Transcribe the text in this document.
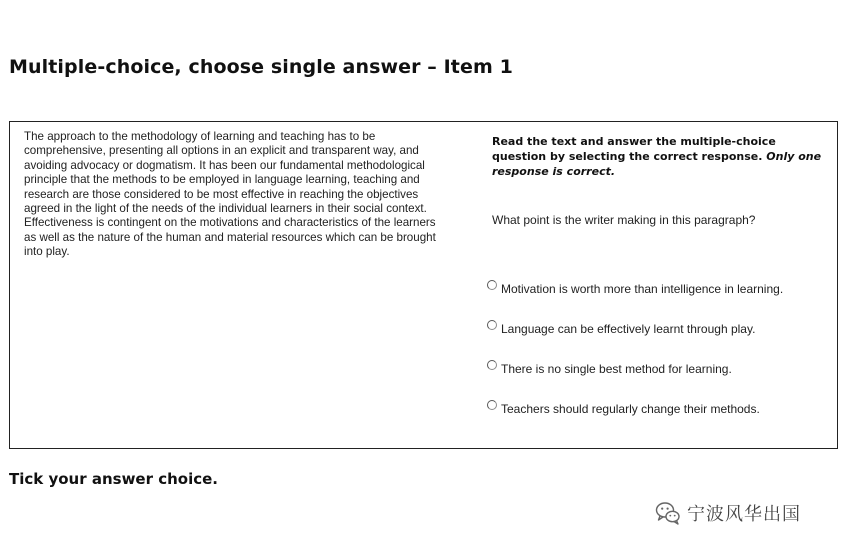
Multiple-choice, choose single answer – Item 1
The approach to the methodology of learning and teaching has to be comprehensive, presenting all options in an explicit and transparent way, and avoiding advocacy or dogmatism. It has been our fundamental methodological principle that the methods to be employed in language learning, teaching and research are those considered to be most effective in reaching the objectives agreed in the light of the needs of the individual learners in their social context. Effectiveness is contingent on the motivations and characteristics of the learners as well as the nature of the human and material resources which can be brought into play.
Read the text and answer the multiple-choice question by selecting the correct response. Only one response is correct.
What point is the writer making in this paragraph?
Motivation is worth more than intelligence in learning.
Language can be effectively learnt through play.
There is no single best method for learning.
Teachers should regularly change their methods.
Tick your answer choice.
宁波风华出国
